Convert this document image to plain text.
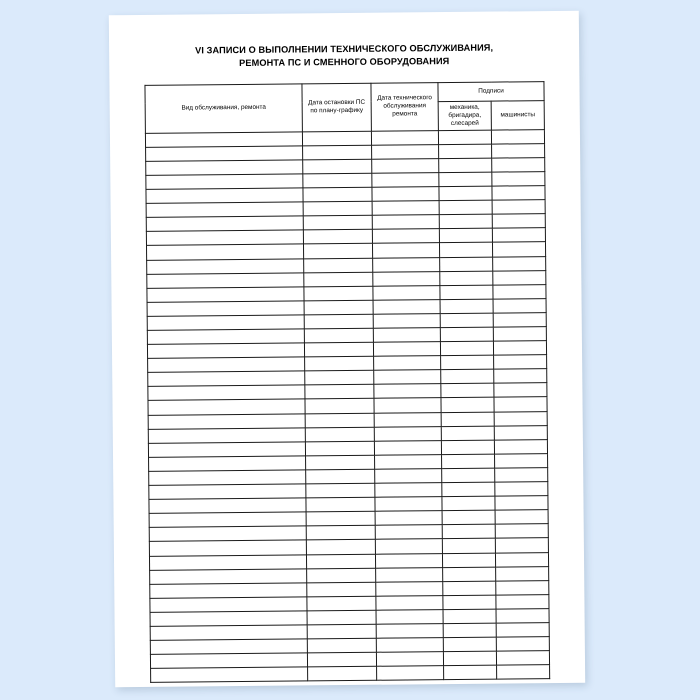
VI ЗАПИСИ О ВЫПОЛНЕНИИ ТЕХНИЧЕСКОГО ОБСЛУЖИВАНИЯ,
РЕМОНТА ПС И СМЕННОГО ОБОРУДОВАНИЯ
Вид обслуживания, ремонта	Дата остановки ПС по плану-графику	Дата технического обслуживания ремонта	Подписи	
			механика, бригадира, слесарей	машинисты
